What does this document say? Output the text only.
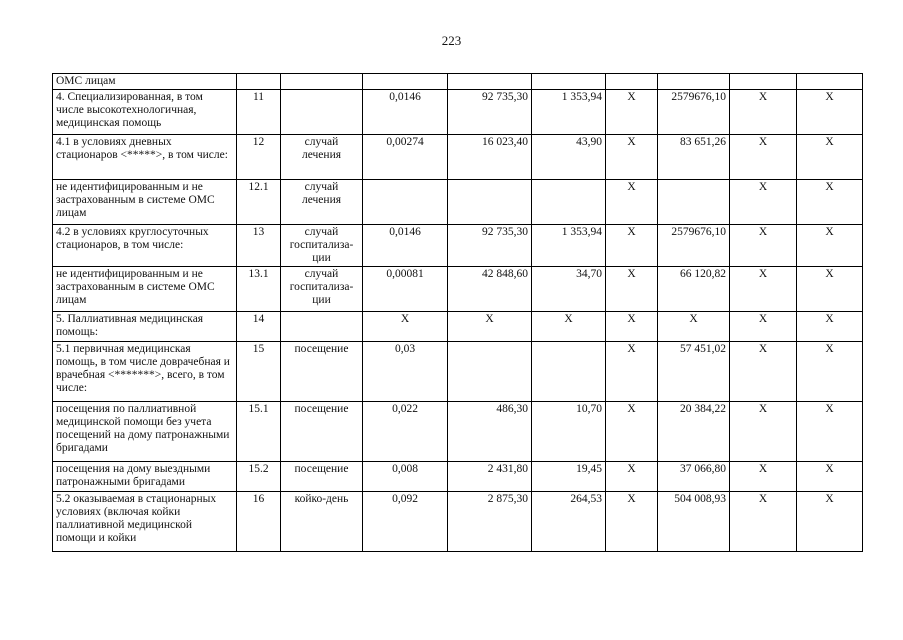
223
ОМС лицам									
4. Специализированная, в том числе высокотехнологичная, медицинская помощь	11		0,0146	92 735,30	1 353,94	X	2579676,10	X	X
4.1 в условиях дневных стационаров <*****>, в том числе:	12	случай лечения	0,00274	16 023,40	43,90	X	83 651,26	X	X
не идентифицированным и не застрахованным в системе ОМС лицам	12.1	случай лечения				X		X	X
4.2 в условиях круглосуточных стационаров, в том числе:	13	случай госпитализа-ции	0,0146	92 735,30	1 353,94	X	2579676,10	X	X
не идентифицированным и не застрахованным в системе ОМС лицам	13.1	случай госпитализа-ции	0,00081	42 848,60	34,70	X	66 120,82	X	X
5. Паллиативная медицинская помощь:	14		X	X	X	X	X	X	X
5.1 первичная медицинская помощь, в том числе доврачебная и врачебная <*******>, всего, в том числе:	15	посещение	0,03			X	57 451,02	X	X
посещения по паллиативной медицинской помощи без учета посещений на дому патронажными бригадами	15.1	посещение	0,022	486,30	10,70	X	20 384,22	X	X
посещения на дому выездными патронажными бригадами	15.2	посещение	0,008	2 431,80	19,45	X	37 066,80	X	X
5.2 оказываемая в стационарных условиях (включая койки паллиативной медицинской помощи и койки	16	койко-день	0,092	2 875,30	264,53	X	504 008,93	X	X
